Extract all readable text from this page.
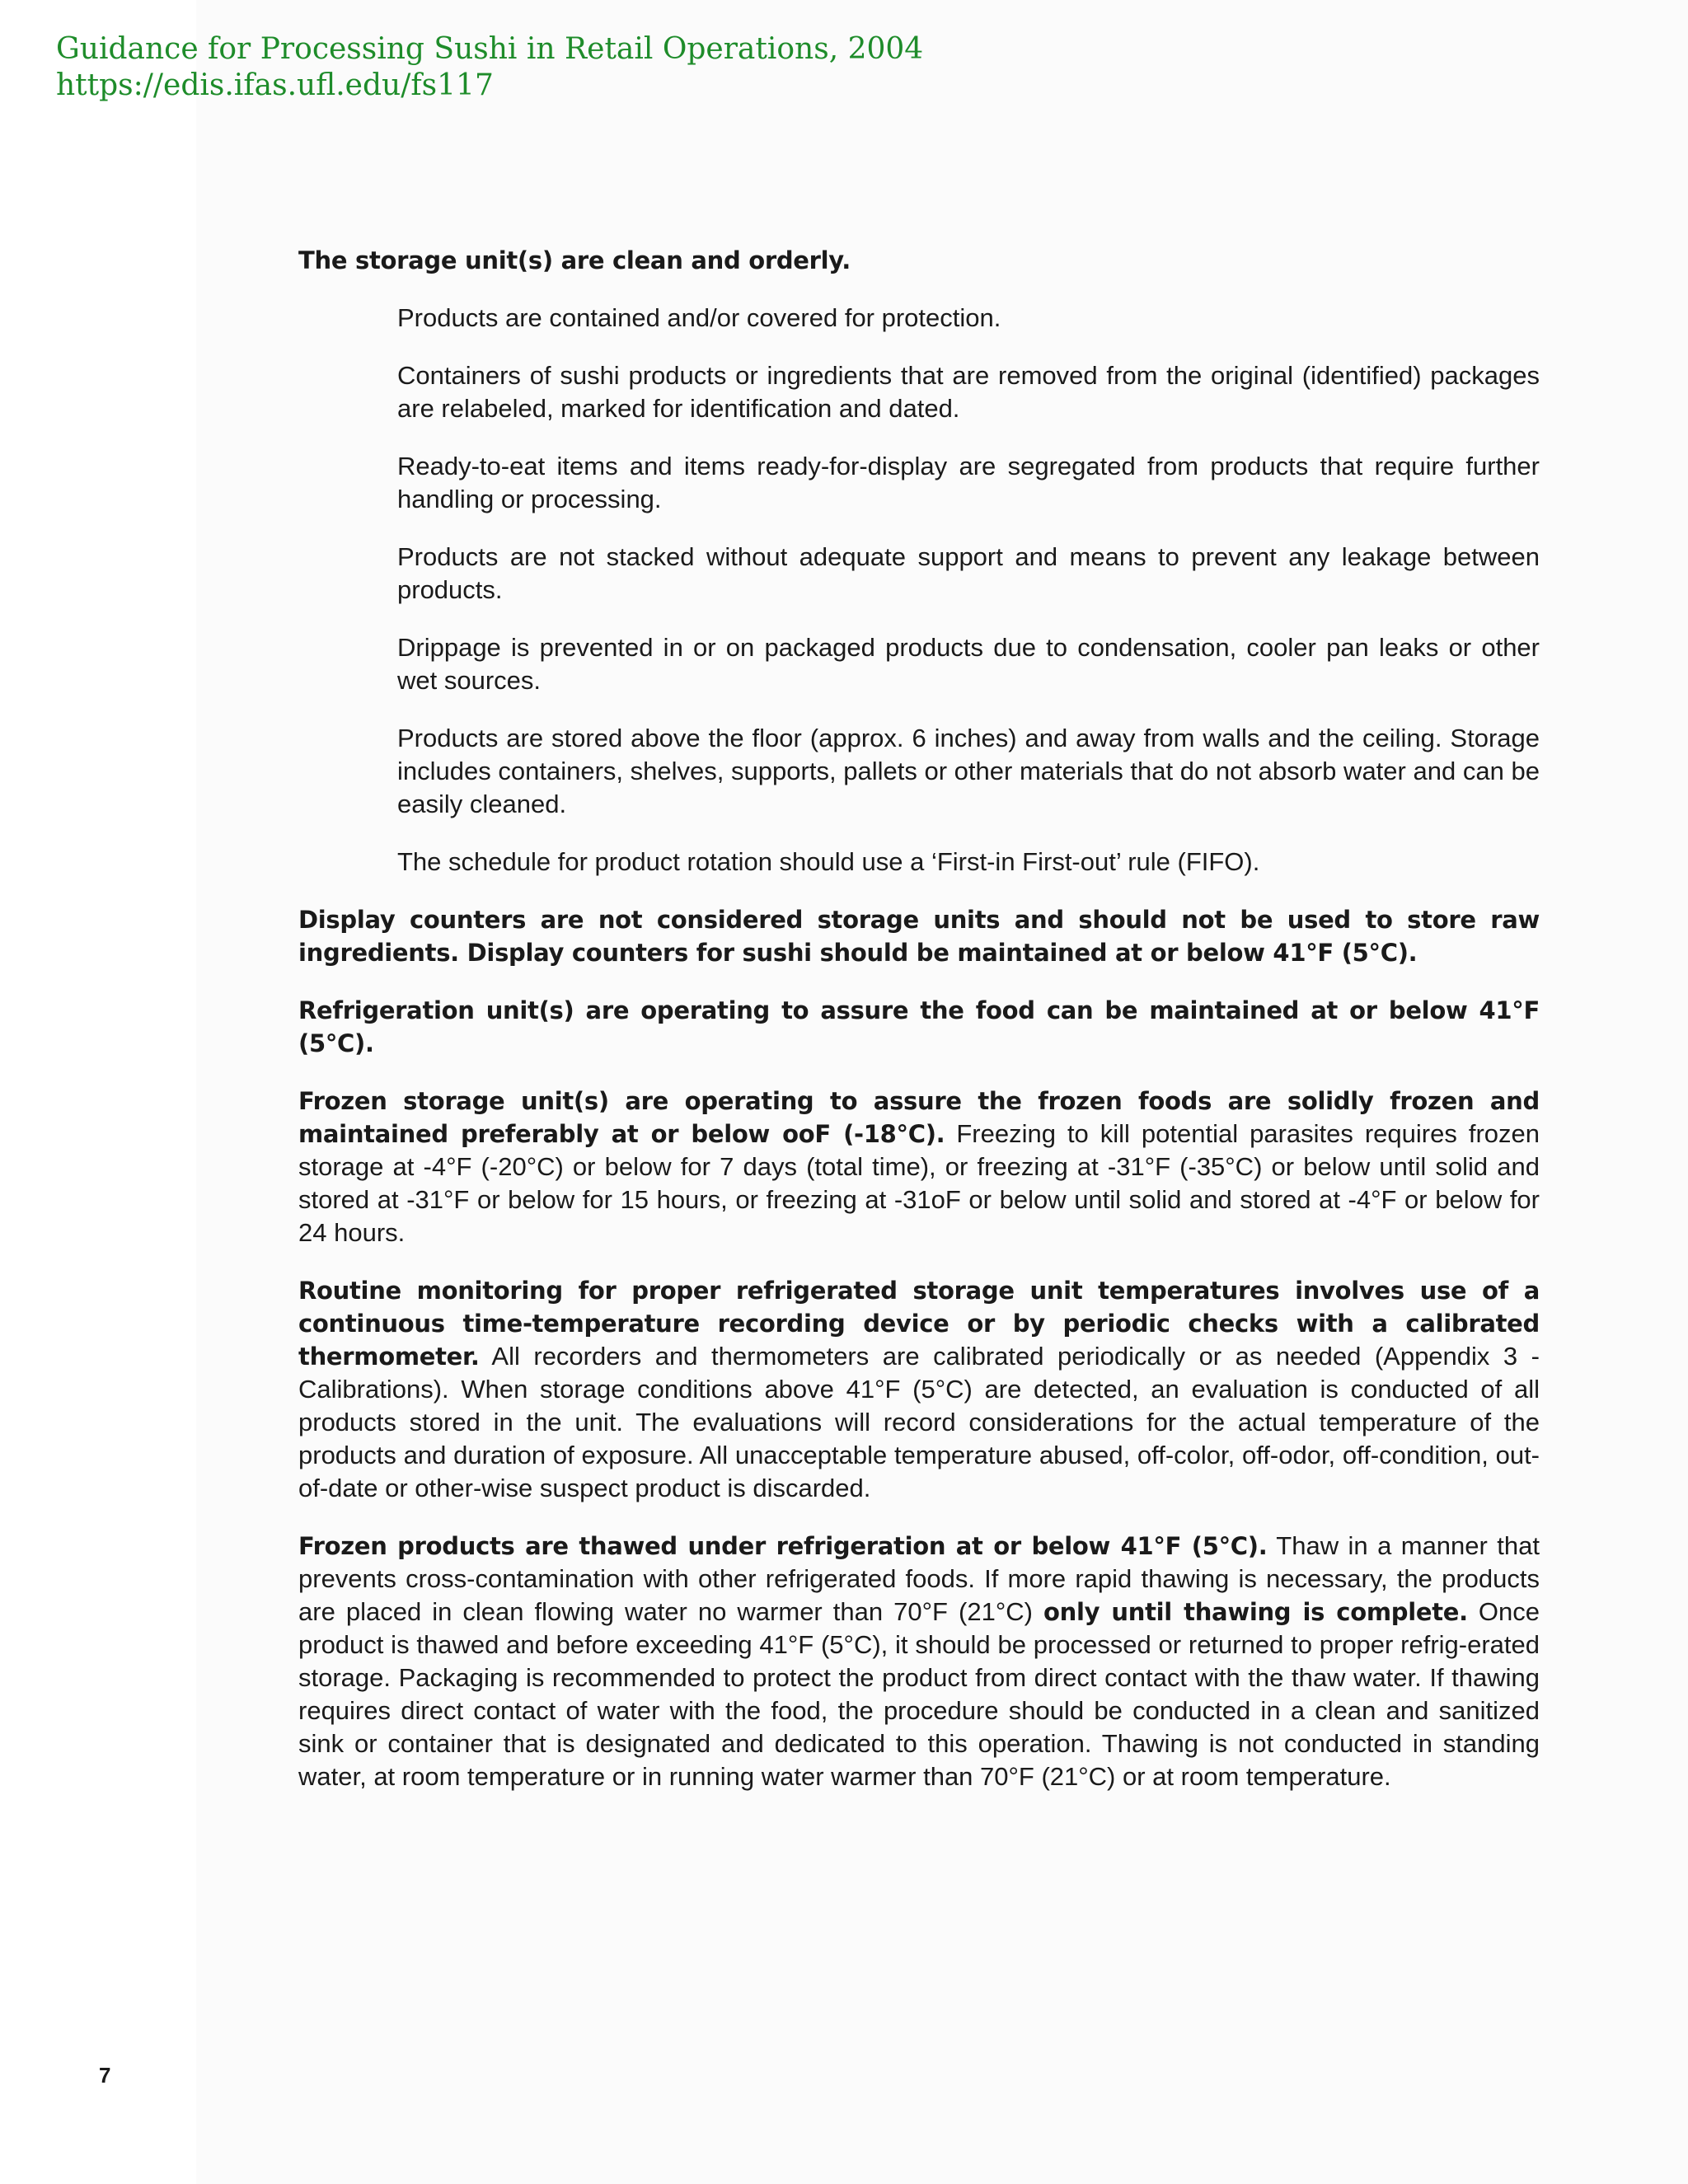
Guidance for Processing Sushi in Retail Operations, 2004
https://edis.ifas.ufl.edu/fs117

The storage unit(s) are clean and orderly.

Products are contained and/or covered for protection.

Containers of sushi products or ingredients that are removed from the original (identified) packages are relabeled, marked for identification and dated.

Ready-to-eat items and items ready-for-display are segregated from products that require further handling or processing.

Products are not stacked without adequate support and means to prevent any leakage between products.

Drippage is prevented in or on packaged products due to condensation, cooler pan leaks or other wet sources.

Products are stored above the floor (approx. 6 inches) and away from walls and the ceiling. Storage includes containers, shelves, supports, pallets or other materials that do not absorb water and can be easily cleaned.

The schedule for product rotation should use a ‘First-in First-out’ rule (FIFO).

Display counters are not considered storage units and should not be used to store raw ingredients. Display counters for sushi should be maintained at or below 41°F (5°C).

Refrigeration unit(s) are operating to assure the food can be maintained at or below 41°F (5°C).

Frozen storage unit(s) are operating to assure the frozen foods are solidly frozen and maintained preferably at or below ooF (-18°C). Freezing to kill potential parasites requires frozen storage at -4°F (-20°C) or below for 7 days (total time), or freezing at -31°F (-35°C) or below until solid and stored at -31°F or below for 15 hours, or freezing at -31oF or below until solid and stored at -4°F or below for 24 hours.

Routine monitoring for proper refrigerated storage unit temperatures involves use of a continuous time-temperature recording device or by periodic checks with a calibrated thermometer. All recorders and thermometers are calibrated periodically or as needed (Appendix 3 - Calibrations). When storage conditions above 41°F (5°C) are detected, an evaluation is conducted of all products stored in the unit. The evaluations will record considerations for the actual temperature of the products and duration of exposure. All unacceptable temperature abused, off-color, off-odor, off-condition, out-of-date or other-wise suspect product is discarded.

Frozen products are thawed under refrigeration at or below 41°F (5°C). Thaw in a manner that prevents cross-contamination with other refrigerated foods. If more rapid thawing is necessary, the products are placed in clean flowing water no warmer than 70°F (21°C) only until thawing is complete. Once product is thawed and before exceeding 41°F (5°C), it should be processed or returned to proper refrig-erated storage. Packaging is recommended to protect the product from direct contact with the thaw water. If thawing requires direct contact of water with the food, the procedure should be conducted in a clean and sanitized sink or container that is designated and dedicated to this operation. Thawing is not conducted in standing water, at room temperature or in running water warmer than 70°F (21°C) or at room temperature.

7
